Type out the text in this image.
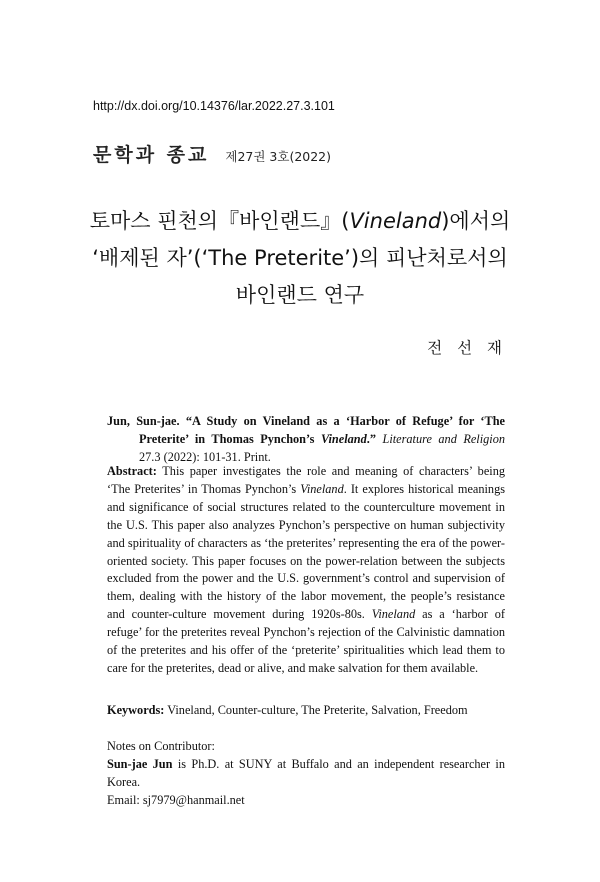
http://dx.doi.org/10.14376/lar.2022.27.3.101
문학과 종교 제27권 3호(2022)
토마스 핀천의『바인랜드』(Vineland)에서의
‘배제된 자’(‘The Preterite’)의 피난처로서의
바인랜드 연구
전 선 재
Jun, Sun-jae. “A Study on Vineland as a ‘Harbor of Refuge’ for ‘The Preterite’ in Thomas Pynchon’s Vineland.” Literature and Religion 27.3 (2022): 101-31. Print.
Abstract: This paper investigates the role and meaning of characters’ being ‘The Preterites’ in Thomas Pynchon’s Vineland. It explores historical meanings and significance of social structures related to the counterculture movement in the U.S. This paper also analyzes Pynchon’s perspective on human subjectivity and spirituality of characters as ‘the preterites’ representing the era of the power-oriented society. This paper focuses on the power-relation between the subjects excluded from the power and the U.S. government’s control and supervision of them, dealing with the history of the labor movement, the people’s resistance and counter-culture movement during 1920s-80s. Vineland as a ‘harbor of refuge’ for the preterites reveal Pynchon’s rejection of the Calvinistic damnation of the preterites and his offer of the ‘preterite’ spiritualities which lead them to care for the preterites, dead or alive, and make salvation for them available.
Keywords: Vineland, Counter-culture, The Preterite, Salvation, Freedom
Notes on Contributor:
Sun-jae Jun is Ph.D. at SUNY at Buffalo and an independent researcher in Korea.
Email: sj7979@hanmail.net
